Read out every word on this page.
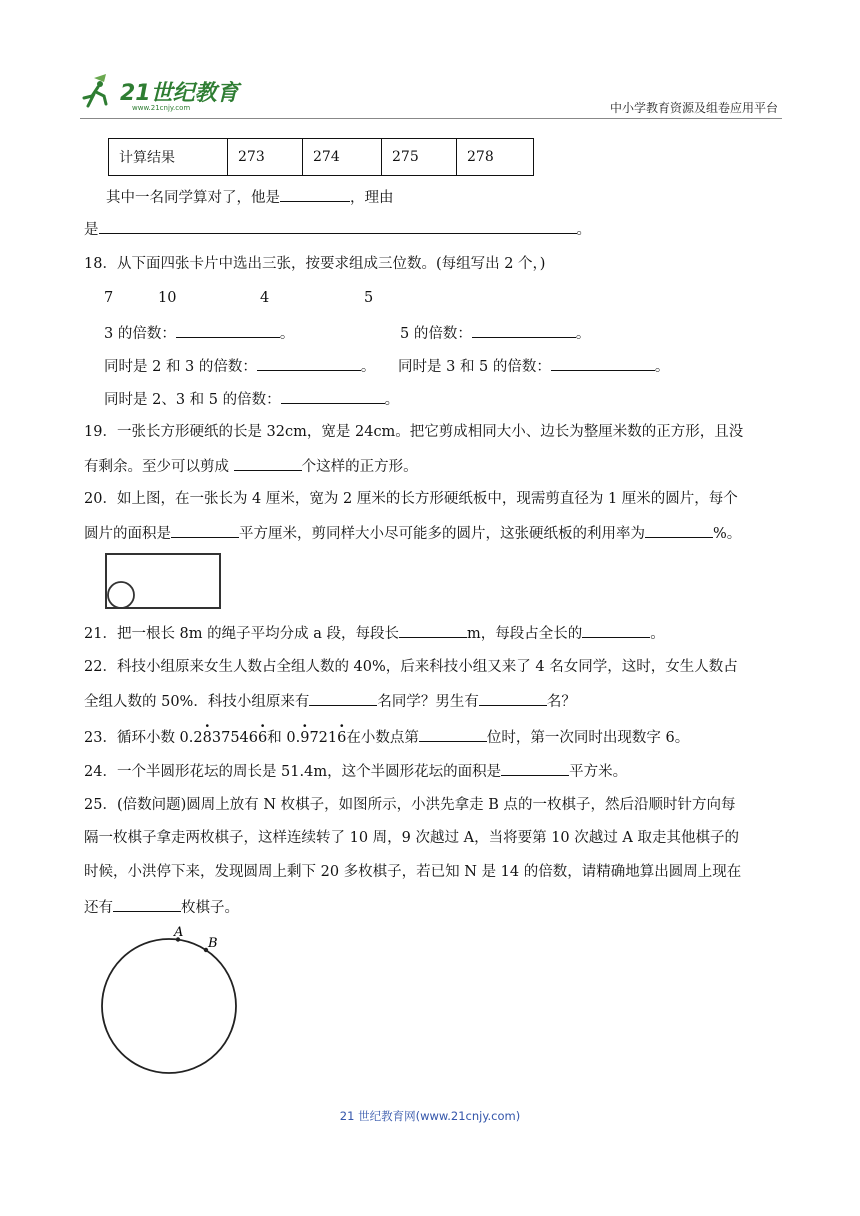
21世纪教育
www.21cnjy.com	中小学教育资源及组卷应用平台
计算结果	273	274	275	278
其中一名同学算对了，他是	，理由
是	。
18．从下面四张卡片中选出三张，按要求组成三位数。(每组写出 2 个，)
7	10	4	5
3 的倍数：	。	5 的倍数：	。
同时是 2 和 3 的倍数：	。 同时是 3 和 5 的倍数：	。
同时是 2、3 和 5 的倍数：	。
19．一张长方形硬纸的长是 32cm，宽是 24cm。把它剪成相同大小、边长为整厘米数的正方形，且没
有剩余。至少可以剪成	个这样的正方形。
20．如上图，在一张长为 4 厘米，宽为 2 厘米的长方形硬纸板中，现需剪直径为 1 厘米的圆片，每个
圆片的面积是	平方厘米，剪同样大小尽可能多的圆片，这张硬纸板的利用率为	%。
21．把一根长 8m 的绳子平均分成 a 段，每段长	m，每段占全长的	。
22．科技小组原来女生人数占全组人数的 40%，后来科技小组又来了 4 名女同学，这时，女生人数占
全组人数的 50%．科技小组原来有	名同学？男生有	名？
23．循环小数 0.28 ·375466 ·和 0.9 ·7216 ·在小数点第	位时，第一次同时出现数字 6。
24．一个半圆形花坛的周长是 51.4m，这个半圆形花坛的面积是	平方米。
25．(倍数问题)圆周上放有 N 枚棋子，如图所示，小洪先拿走 B 点的一枚棋子，然后沿顺时针方向每
隔一枚棋子拿走两枚棋子，这样连续转了 10 周，9 次越过 A，当将要第 10 次越过 A 取走其他棋子的
时候，小洪停下来，发现圆周上剩下 20 多枚棋子，若已知 N 是 14 的倍数，请精确地算出圆周上现在
还有	枚棋子。
A
B
21 世纪教育网(www.21cnjy.com)
